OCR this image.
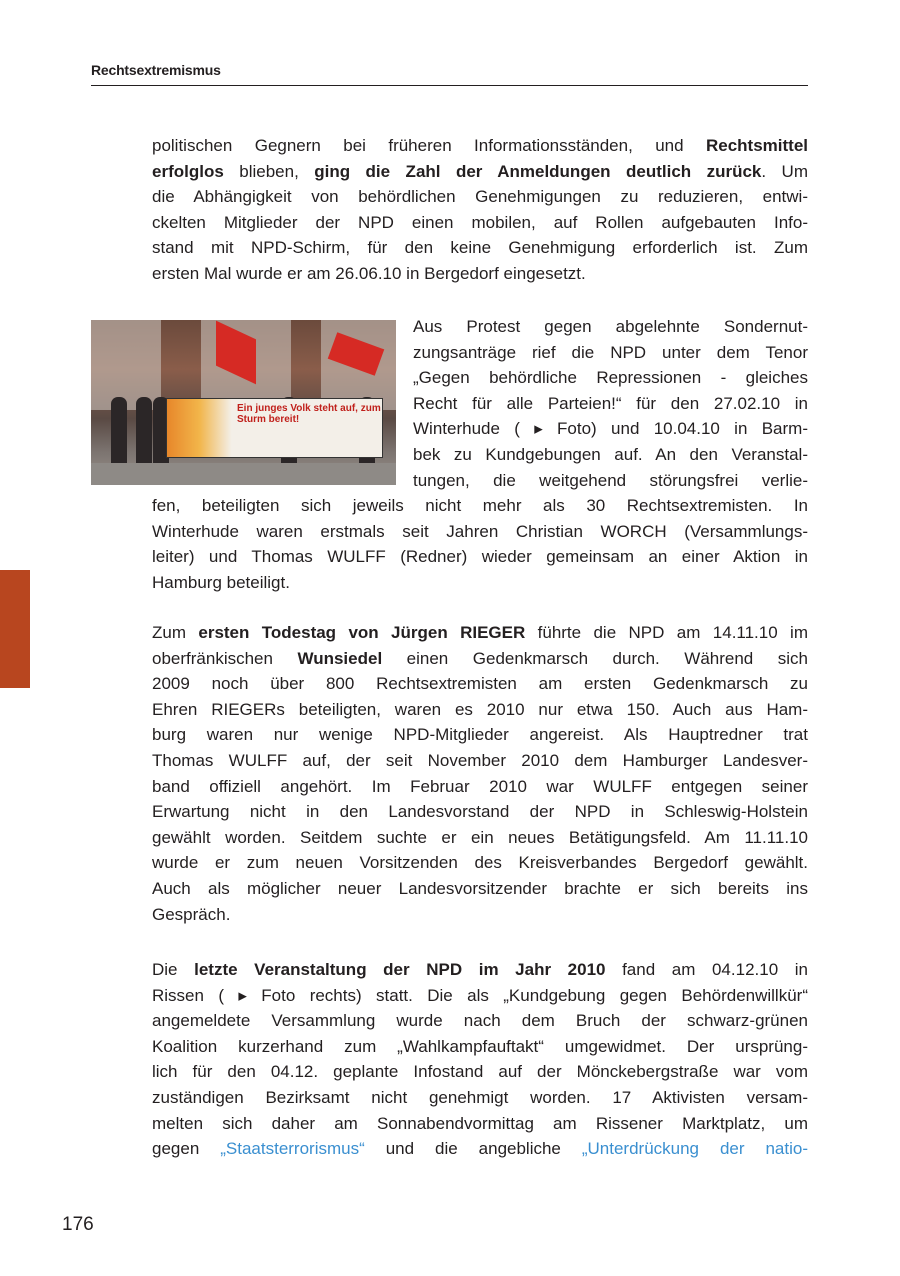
Rechtsextremismus
Ein junges Volk steht auf, zum Sturm bereit!
politischen Gegnern bei früheren Informationsständen, und Rechtsmittel
erfolglos blieben, ging die Zahl der Anmeldungen deutlich zurück. Um
die Abhängigkeit von behördlichen Genehmigungen zu reduzieren, entwi-
ckelten Mitglieder der NPD einen mobilen, auf Rollen aufgebauten Info-
stand mit NPD-Schirm, für den keine Genehmigung erforderlich ist. Zum
ersten Mal wurde er am 26.06.10 in Bergedorf eingesetzt.
Aus Protest gegen abgelehnte Sondernut-
zungsanträge rief die NPD unter dem Tenor
„Gegen behördliche Repressionen - gleiches
Recht für alle Parteien!“ für den 27.02.10 in
Winterhude ( ▸ Foto) und 10.04.10 in Barm-
bek zu Kundgebungen auf. An den Veranstal-
tungen, die weitgehend störungsfrei verlie-
fen, beteiligten sich jeweils nicht mehr als 30 Rechtsextremisten. In
Winterhude waren erstmals seit Jahren Christian WORCH (Versammlungs-
leiter) und Thomas WULFF (Redner) wieder gemeinsam an einer Aktion in
Hamburg beteiligt.
Zum ersten Todestag von Jürgen RIEGER führte die NPD am 14.11.10 im
oberfränkischen Wunsiedel einen Gedenkmarsch durch. Während sich
2009 noch über 800 Rechtsextremisten am ersten Gedenkmarsch zu
Ehren RIEGERs beteiligten, waren es 2010 nur etwa 150. Auch aus Ham-
burg waren nur wenige NPD-Mitglieder angereist. Als Hauptredner trat
Thomas WULFF auf, der seit November 2010 dem Hamburger Landesver-
band offiziell angehört. Im Februar 2010 war WULFF entgegen seiner
Erwartung nicht in den Landesvorstand der NPD in Schleswig-Holstein
gewählt worden. Seitdem suchte er ein neues Betätigungsfeld. Am 11.11.10
wurde er zum neuen Vorsitzenden des Kreisverbandes Bergedorf gewählt.
Auch als möglicher neuer Landesvorsitzender brachte er sich bereits ins
Gespräch.
Die letzte Veranstaltung der NPD im Jahr 2010 fand am 04.12.10 in
Rissen ( ▸ Foto rechts) statt. Die als „Kundgebung gegen Behördenwillkür“
angemeldete Versammlung wurde nach dem Bruch der schwarz-grünen
Koalition kurzerhand zum „Wahlkampfauftakt“ umgewidmet. Der ursprüng-
lich für den 04.12. geplante Infostand auf der Mönckebergstraße war vom
zuständigen Bezirksamt nicht genehmigt worden. 17 Aktivisten versam-
melten sich daher am Sonnabendvormittag am Rissener Marktplatz, um
gegen „Staatsterrorismus“ und die angebliche „Unterdrückung der natio-
176
